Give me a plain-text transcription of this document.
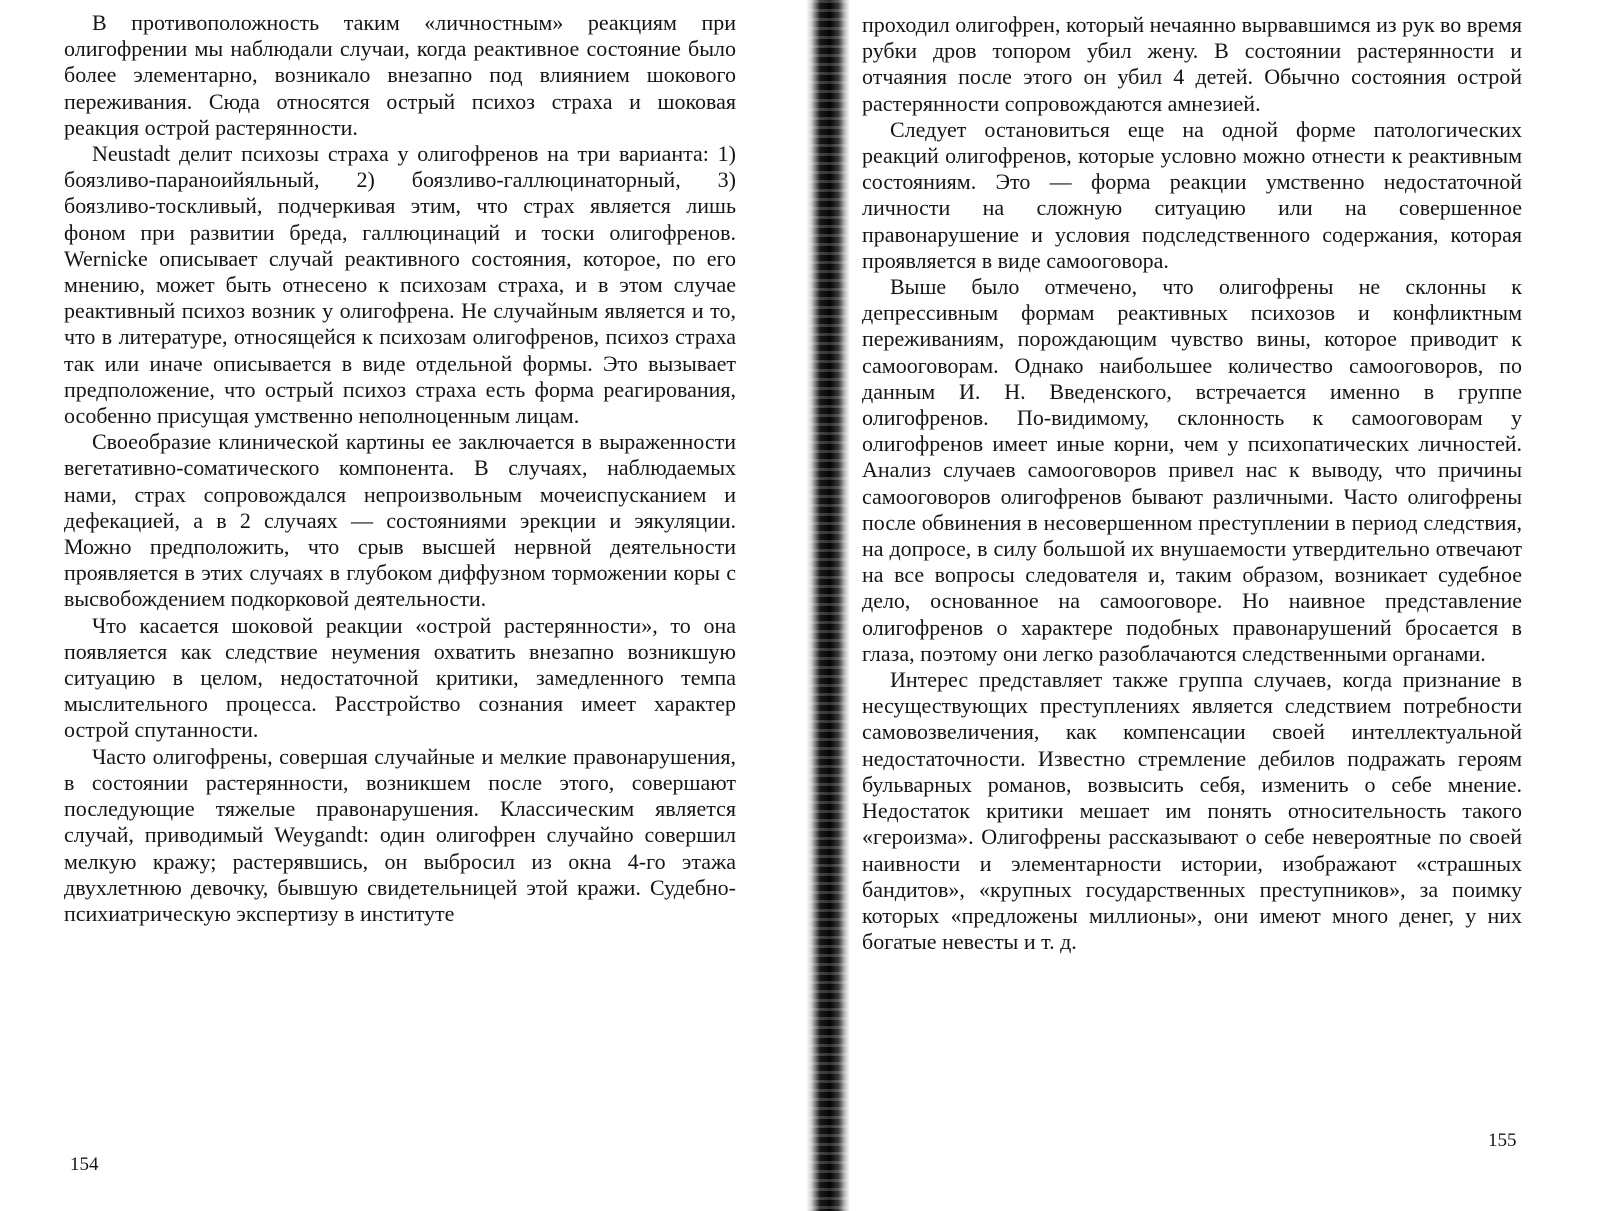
В противоположность таким «личностным» реакциям при олигофрении мы наблюдали случаи, когда реактивное состояние было более элементарно, возникало внезапно под влиянием шокового переживания. Сюда относятся острый психоз страха и шоковая реакция острой растерянности.

Neustadt делит психозы страха у олигофренов на три варианта: 1) боязливо-параноийяльный, 2) боязливо-галлюцинаторный, 3) боязливо-тоскливый, подчеркивая этим, что страх является лишь фоном при развитии бреда, галлюцинаций и тоски олигофренов. Wernicke описывает случай реактивного состояния, которое, по его мнению, может быть отнесено к психозам страха, и в этом случае реактивный психоз возник у олигофрена. Не случайным является и то, что в литературе, относящейся к психозам олигофренов, психоз страха так или иначе описывается в виде отдельной формы. Это вызывает предположение, что острый психоз страха есть форма реагирования, особенно присущая умственно неполноценным лицам.

Своеобразие клинической картины ее заключается в выраженности вегетативно-соматического компонента. В случаях, наблюдаемых нами, страх сопровождался непроизвольным мочеиспусканием и дефекацией, а в 2 случаях — состояниями эрекции и эякуляции. Можно предположить, что срыв высшей нервной деятельности проявляется в этих случаях в глубоком диффузном торможении коры с высвобождением подкорковой деятельности.

Что касается шоковой реакции «острой растерянности», то она появляется как следствие неумения охватить внезапно возникшую ситуацию в целом, недостаточной критики, замедленного темпа мыслительного процесса. Расстройство сознания имеет характер острой спутанности.

Часто олигофрены, совершая случайные и мелкие правонарушения, в состоянии растерянности, возникшем после этого, совершают последующие тяжелые правонарушения. Классическим является случай, приводимый Weygandt: один олигофрен случайно совершил мелкую кражу; растерявшись, он выбросил из окна 4-го этажа двухлетнюю девочку, бывшую свидетельницей этой кражи. Судебно-психиатрическую экспертизу в институте

154

проходил олигофрен, который нечаянно вырвавшимся из рук во время рубки дров топором убил жену. В состоянии растерянности и отчаяния после этого он убил 4 детей. Обычно состояния острой растерянности сопровождаются амнезией.

Следует остановиться еще на одной форме патологических реакций олигофренов, которые условно можно отнести к реактивным состояниям. Это — форма реакции умственно недостаточной личности на сложную ситуацию или на совершенное правонарушение и условия подследственного содержания, которая проявляется в виде самооговора.

Выше было отмечено, что олигофрены не склонны к депрессивным формам реактивных психозов и конфликтным переживаниям, порождающим чувство вины, которое приводит к самооговорам. Однако наибольшее количество самооговоров, по данным И. Н. Введенского, встречается именно в группе олигофренов. По-видимому, склонность к самооговорам у олигофренов имеет иные корни, чем у психопатических личностей. Анализ случаев самооговоров привел нас к выводу, что причины самооговоров олигофренов бывают различными. Часто олигофрены после обвинения в несовершенном преступлении в период следствия, на допросе, в силу большой их внушаемости утвердительно отвечают на все вопросы следователя и, таким образом, возникает судебное дело, основанное на самооговоре. Но наивное представление олигофренов о характере подобных правонарушений бросается в глаза, поэтому они легко разоблачаются следственными органами.

Интерес представляет также группа случаев, когда признание в несуществующих преступлениях является следствием потребности самовозвеличения, как компенсации своей интеллектуальной недостаточности. Известно стремление дебилов подражать героям бульварных романов, возвысить себя, изменить о себе мнение. Недостаток критики мешает им понять относительность такого «героизма». Олигофрены рассказывают о себе невероятные по своей наивности и элементарности истории, изображают «страшных бандитов», «крупных государственных преступников», за поимку которых «предложены миллионы», они имеют много денег, у них богатые невесты и т. д.

155
